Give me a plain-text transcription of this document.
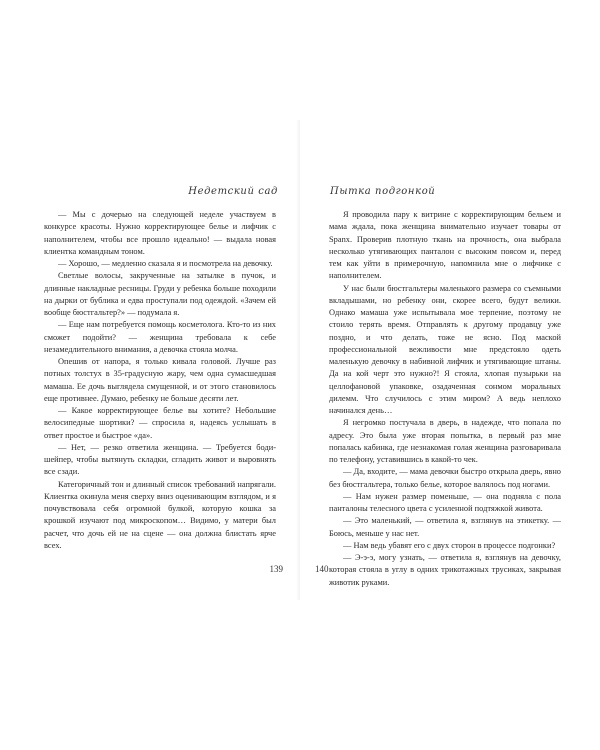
Недетский сад

— Мы с дочерью на следующей неделе участвуем в конкурсе красоты. Нужно корректирующее белье и лифчик с наполнителем, чтобы все прошло идеально! — выдала новая клиентка командным тоном.

— Хорошо, — медленно сказала я и посмотрела на девочку.

Светлые волосы, закрученные на затылке в пучок, и длинные накладные ресницы. Груди у ребенка больше походили на дырки от бублика и едва проступали под одеждой. «Зачем ей вообще бюстгальтер?» — подумала я.

— Еще нам потребуется помощь косметолога. Кто-то из них сможет подойти? — женщина требовала к себе незамедлительного внимания, а девочка стояла молча.

Опешив от напора, я только кивала головой. Лучше раз потных толстух в 35-градусную жару, чем одна сумасшедшая мамаша. Ее дочь выглядела смущенной, и от этого становилось еще противнее. Думаю, ребенку не больше десяти лет.

— Какое корректирующее белье вы хотите? Небольшие велосипедные шортики? — спросила я, надеясь услышать в ответ простое и быстрое «да».

— Нет, — резко ответила женщина. — Требуется боди-шейпер, чтобы вытянуть складки, сгладить живот и выровнять все сзади.

Категоричный тон и длинный список требований напрягали. Клиентка окинула меня сверху вниз оценивающим взглядом, и я почувствовала себя огромной булкой, которую кошка за крошкой изучают под микроскопом… Видимо, у матери был расчет, что дочь ей не на сцене — она должна блистать ярче всех.

139
Пытка подгонкой

Я проводила пару к витрине с корректирующим бельем и мама ждала, пока женщина внимательно изучает товары от Spanx. Проверив плотную ткань на прочность, она выбрала несколько утягивающих панталон с высоким поясом и, перед тем как уйти в примерочную, напомнила мне о лифчике с наполнителем.

У нас были бюстгальтеры маленького размера со съемными вкладышами, но ребенку они, скорее всего, будут велики. Однако мамаша уже испытывала мое терпение, поэтому не стоило терять время. Отправлять к другому продавцу уже поздно, и что делать, тоже не ясно. Под маской профессиональной вежливости мне предстояло одеть маленькую девочку в набивной лифчик и утягивающие штаны. Да на кой черт это нужно?! Я стояла, хлопая пузырьки на целлофановой упаковке, озадаченная сонмом моральных дилемм. Что случилось с этим миром? А ведь неплохо начинался день…

Я негромко постучала в дверь, в надежде, что попала по адресу. Это была уже вторая попытка, в первый раз мне попалась кабинка, где незнакомая голая женщина разговаривала по телефону, уставившись в какой-то чек.

— Да, входите, — мама девочки быстро открыла дверь, явно без бюстгальтера, только белье, которое валялось под ногами.

— Нам нужен размер поменьше, — она подняла с пола панталоны телесного цвета с усиленной подтяжкой живота.

— Это маленький, — ответила я, взглянув на этикетку. — Боюсь, меньше у нас нет.

— Нам ведь убавят его с двух сторон в процессе подгонки?

— Э-э-э, могу узнать, — ответила я, взглянув на девочку, которая стояла в углу в одних трикотажных трусиках, закрывая животик руками.

140
